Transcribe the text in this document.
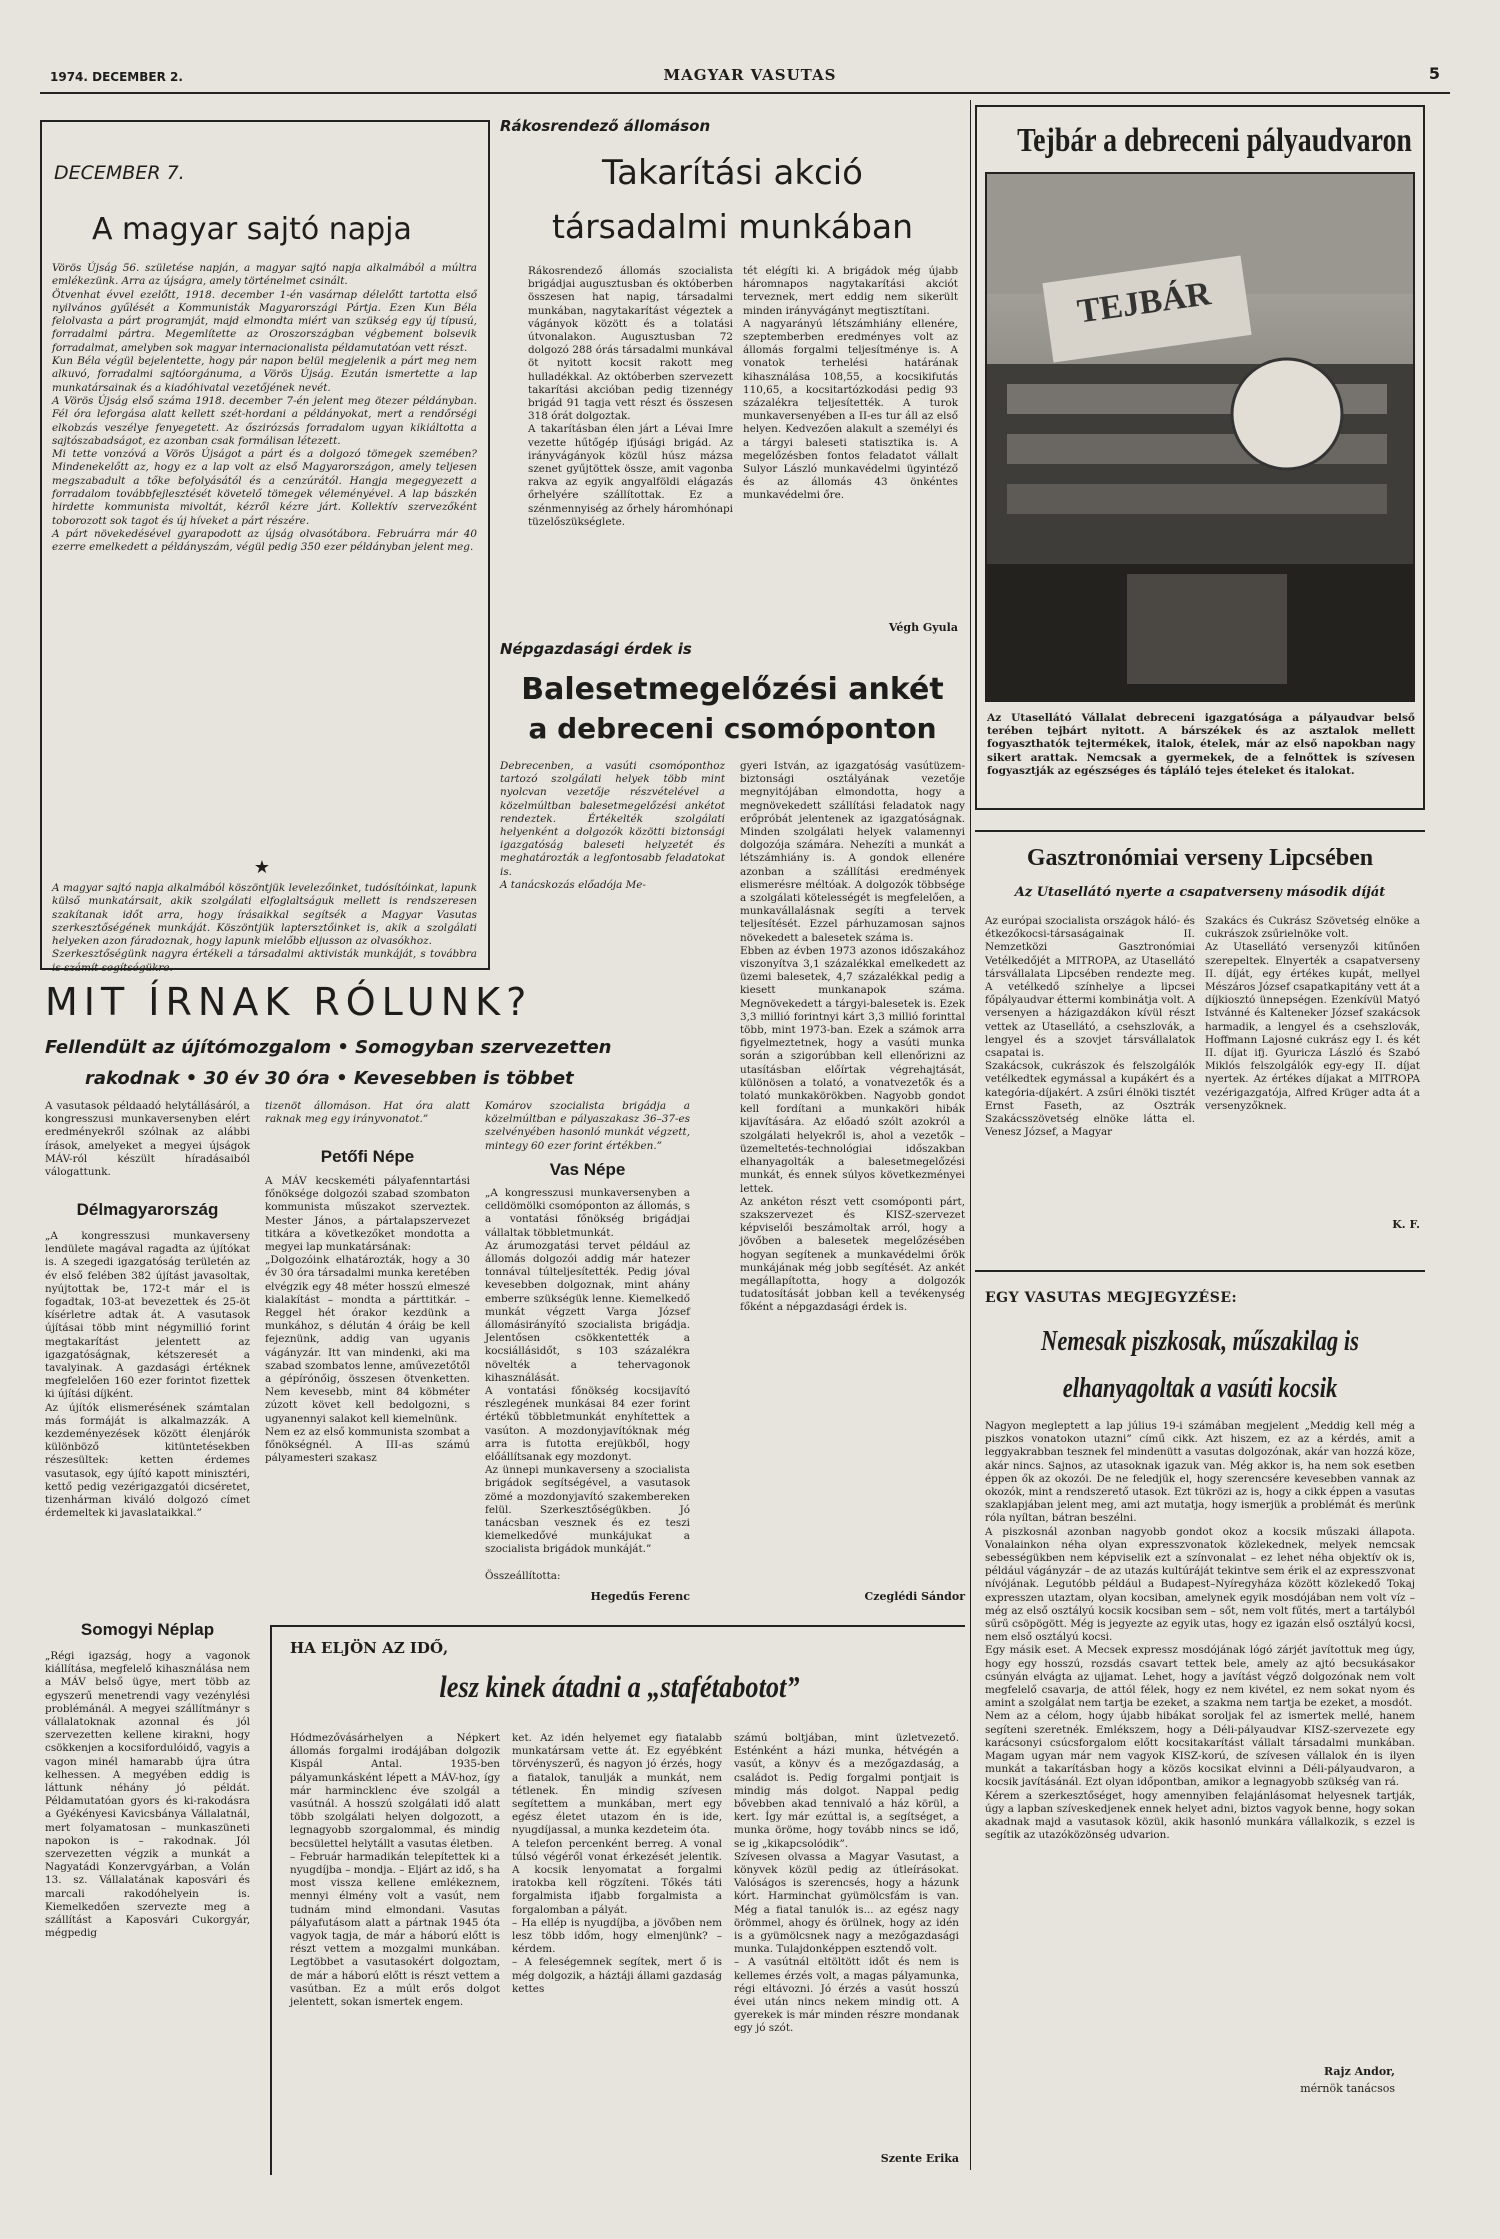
1974. DECEMBER 2.	MAGYAR VASUTAS	5
DECEMBER 7.
A magyar sajtó napja

Vörös Újság 56. születése napján, a magyar sajtó napja alkalmából a múltra emlékezünk. Arra az újságra, amely történelmet csinált.
Ötvenhat évvel ezelőtt, 1918. december 1-én vasárnap délelőtt tartotta első nyilvános gyűlését a Kommunisták Magyarországi Pártja. Ezen Kun Béla felolvasta a párt programját, majd elmondta miért van szükség egy új típusú, forradalmi pártra. Megemlítette az Oroszországban végbement bolsevik forradalmat, amelyben sok magyar internacionalista példamutatóan vett részt.
Kun Béla végül bejelentette, hogy pár napon belül megjelenik a párt meg nem alkuvó, forradalmi sajtóorgánuma, a Vörös Újság. Ezután ismertette a lap munkatársainak és a kiadóhivatal vezetőjének nevét.
A Vörös Újság első száma 1918. december 7-én jelent meg ötezer példányban. Fél óra leforgása alatt kellett szét-hordani a példányokat, mert a rendőrségi elkobzás veszélye fenyegetett. Az őszirózsás forradalom ugyan kikiáltotta a sajtószabadságot, ez azonban csak formálisan létezett.
Mi tette vonzóvá a Vörös Újságot a párt és a dolgozó tömegek szemében? Mindenekelőtt az, hogy ez a lap volt az első Magyarországon, amely teljesen megszabadult a tőke befolyásától és a cenzúrától. Hangja megegyezett a forradalom továbbfejlesztését követelő tömegek véleményével. A lap bászkén hirdette kommunista mivoltát, kézről kézre járt. Kollektív szervezőként toborozott sok tagot és új híveket a párt részére.
A párt növekedésével gyarapodott az újság olvasótábora. Februárra már 40 ezerre emelkedett a példányszám, végül pedig 350 ezer példányban jelent meg.

★

A magyar sajtó napja alkalmából köszöntjük levelezőinket, tudósítóinkat, lapunk külső munkatársait, akik szolgálati elfoglaltságuk mellett is rendszeresen szakítanak időt arra, hogy írásaikkal segítsék a Magyar Vasutas szerkesztőségének munkáját. Köszöntjük laptersztőinket is, akik a szolgálati helyeken azon fáradoznak, hogy lapunk mielőbb eljusson az olvasókhoz.
Szerkesztőségünk nagyra értékeli a társadalmi aktivisták munkáját, s továbbra is számít segítségükre.

Rákosrendező állomáson
Takarítási akció
társadalmi munkában

Rákosrendező állomás szocialista brigádjai augusztusban és októberben összesen hat napig, társadalmi munkában, nagytakarítást végeztek a vágányok között és a tolatási útvonalakon. Augusztusban 72 dolgozó 288 órás társadalmi munkával öt nyitott kocsit rakott meg hulladékkal. Az októberben szervezett takarítási akcióban pedig tizennégy brigád 91 tagja vett részt és összesen 318 órát dolgoztak.
A takarításban élen járt a Lévai Imre vezette hűtőgép ifjúsági brigád. Az irányvágányok közül húsz mázsa szenet gyűjtöttek össze, amit vagonba rakva az egyik angyalföldi elágazás őrhelyére szállítottak. Ez a szénmennyiség az őrhely háromhónapi tüzelőszükséglete.

tét elégíti ki. A brigádok még újabb háromnapos nagytakarítási akciót terveznek, mert eddig nem sikerült minden irányvágányt megtisztítani.
A nagyarányú létszámhiány ellenére, szeptemberben eredményes volt az állomás forgalmi teljesítménye is. A vonatok terhelési határának kihasználása 108,55, a kocsikifutás 110,65, a kocsitartózkodási pedig 93 százalékra teljesítették. A turok munkaversenyében a II-es tur áll az első helyen. Kedvezően alakult a személyi és a tárgyi baleseti statisztika is. A megelőzésben fontos feladatot vállalt Sulyor László munkavédelmi ügyintéző és az állomás 43 önkéntes munkavédelmi őre.

Végh Gyula
Népgazdasági érdek is
Balesetmegelőzési ankét
a debreceni csomóponton

Debrecenben, a vasúti csomóponthoz tartozó szolgálati helyek több mint nyolcvan vezetője részvételével a közelmúltban balesetmegelőzési ankétot rendeztek. Értékelték szolgálati helyenként a dolgozók közötti biztonsági igazgatóság baleseti helyzetét és meghatározták a legfontosabb feladatokat is.
A tanácskozás előadója Me-

gyeri István, az igazgatóság vasútüzem-biztonsági osztályának vezetője megnyitójában elmondotta, hogy a megnövekedett szállítási feladatok nagy erőpróbát jelentenek az igazgatóságnak. Minden szolgálati helyek valamennyi dolgozója számára. Nehezíti a munkát a létszámhiány is. A gondok ellenére azonban a szállítási eredmények elismerésre méltóak. A dolgozók többsége a szolgálati kötelességét is megfelelően, a munkavállalásnak segíti a tervek teljesítését. Ezzel párhuzamosan sajnos növekedett a balesetek száma is.
Ebben az évben 1973 azonos időszakához viszonyítva 3,1 százalékkal emelkedett az üzemi balesetek, 4,7 százalékkal pedig a kiesett munkanapok száma. Megnövekedett a tárgyi-balesetek is. Ezek 3,3 millió forintnyi kárt 3,3 millió forinttal több, mint 1973-ban. Ezek a számok arra figyelmeztetnek, hogy a vasúti munka során a szigorúbban kell ellenőrizni az utasításban előírtak végrehajtását, különösen a tolató, a vonatvezetők és a tolató munkakörökben. Nagyobb gondot kell fordítani a munkaköri hibák kijavítására. Az előadó szólt azokról a szolgálati helyekről is, ahol a vezetők – üzemeltetés-technológiai időszakban elhanyagolták a balesetmegelőzési munkát, és ennek súlyos következményei lettek.
Az ankéton részt vett csomóponti párt, szakszervezet és KISZ-szervezet képviselői beszámoltak arról, hogy a jövőben a balesetek megelőzésében hogyan segítenek a munkavédelmi őrök munkájának még jobb segítését. Az ankét megállapította, hogy a dolgozók tudatosítását jobban kell a tevékenység főként a népgazdasági érdek is.

Czeglédi Sándor
Tejbár a debreceni pályaudvaron
TEJBÁR

Az Utasellátó Vállalat debreceni igazgatósága a pályaudvar belső terében tejbárt nyitott. A bárszékek és az asztalok mellett fogyaszthatók tejtermékek, italok, ételek, már az első napokban nagy sikert arattak. Nemcsak a gyermekek, de a felnőttek is szívesen fogyasztják az egészséges és tápláló tejes ételeket és italokat.

Gasztronómiai verseny Lipcsében
Az Utasellátó nyerte a csapatverseny második díját

Az európai szocialista országok háló- és étkezőkocsi-társaságainak II. Nemzetközi Gasztronómiai Vetélkedőjét a MITROPA, az Utasellátó társvállalata Lipcsében rendezte meg. A vetélkedő színhelye a lipcsei főpályaudvar éttermi kombinátja volt. A versenyen a házigazdákon kívül részt vettek az Utasellátó, a csehszlovák, a lengyel és a szovjet társvállalatok csapatai is.
Szakácsok, cukrászok és felszolgálók vetélkedtek egymással a kupákért és a kategória-díjakért. A zsűri élnöki tisztét Ernst Faseth, az Osztrák Szakácsszövetség elnöke látta el. Venesz József, a Magyar

Szakács és Cukrász Szövetség elnöke a cukrászok zsűrielnöke volt.
Az Utasellátó versenyzői kitűnően szerepeltek. Elnyerték a csapatverseny II. díját, egy értékes kupát, mellyel Mészáros József csapatkapitány vett át a díjkiosztó ünnepségen. Ezenkívül Matyó Istvánné és Kalteneker József szakácsok harmadik, a lengyel és a csehszlovák, Hoffmann Lajosné cukrász egy I. és két II. díjat ifj. Gyuricza László és Szabó Miklós felszolgálók egy-egy II. díjat nyertek. Az értékes díjakat a MITROPA vezérigazgatója, Alfred Krüger adta át a versenyzőknek.

K. F.
EGY VASUTAS MEGJEGYZÉSE:
Nemesak piszkosak, műszakilag is
elhanyagoltak a vasúti kocsik

Nagyon megleptett a lap július 19-i számában megjelent „Meddig kell még a piszkos vonatokon utazni” című cikk. Azt hiszem, ez az a kérdés, amit a leggyakrabban tesznek fel mindenütt a vasutas dolgozónak, akár van hozzá köze, akár nincs. Sajnos, az utasoknak igazuk van. Még akkor is, ha nem sok esetben éppen ők az okozói. De ne feledjük el, hogy szerencsére kevesebben vannak az okozók, mint a rendszerető utasok. Ezt tükrözi az is, hogy a cikk éppen a vasutas szaklapjában jelent meg, ami azt mutatja, hogy ismerjük a problémát és merünk róla nyíltan, bátran beszélni.
A piszkosnál azonban nagyobb gondot okoz a kocsik műszaki állapota. Vonalainkon néha olyan expresszvonatok közlekednek, melyek nemcsak sebességükben nem képviselik ezt a színvonalat – ez lehet néha objektív ok is, például vágányzár – de az utazás kultúráját tekintve sem érik el az expresszvonat nívójának. Legutóbb például a Budapest–Nyíregyháza között közlekedő Tokaj expresszen utaztam, olyan kocsiban, amelynek egyik mosdójában nem volt víz – még az első osztályú kocsik kocsiban sem – sőt, nem volt fűtés, mert a tartályból sűrű csöpögött. Még is jegyezte az egyik utas, hogy ez igazán első osztályú kocsi, nem első osztályú kocsi.
Egy másik eset. A Mecsek expressz mosdójának lógó zárjét javítottuk meg úgy, hogy egy hosszú, rozsdás csavart tettek bele, amely az ajtó becsukásakor csúnyán elvágta az ujjamat. Lehet, hogy a javítást végző dolgozónak nem volt megfelelő csavarja, de attól félek, hogy ez nem kivétel, ez nem sokat nyom és amint a szolgálat nem tartja be ezeket, a szakma nem tartja be ezeket, a mosdót.
Nem az a célom, hogy újabb hibákat soroljak fel az ismertek mellé, hanem segíteni szeretnék. Emlékszem, hogy a Déli-pályaudvar KISZ-szervezete egy karácsonyi csúcsforgalom előtt kocsitakarítást vállalt társadalmi munkában. Magam ugyan már nem vagyok KISZ-korú, de szívesen vállalok én is ilyen munkát a takarításban hogy a közös kocsikat elvinni a Déli-pályaudvaron, a kocsik javításánál. Ezt olyan időpontban, amikor a legnagyobb szükség van rá.
Kérem a szerkesztőséget, hogy amennyiben felajánlásomat helyesnek tartják, úgy a lapban szíveskedjenek ennek helyet adni, biztos vagyok benne, hogy sokan akadnak majd a vasutasok közül, akik hasonló munkára vállalkozik, s ezzel is segítik az utazóközönség udvarion.

Rajz Andor,
mérnök tanácsos
MIT ÍRNAK RÓLUNK?
Fellendült az újítómozgalom • Somogyban szervezetten
rakodnak • 30 év 30 óra • Kevesebben is többet

A vasutasok példaadó helytállásáról, a kongresszusi munkaversenyben elért eredményekről szólnak az alábbi írások, amelyeket a megyei újságok MÁV-ról készült híradásaiból válogattunk.

Délmagyarország

„A kongresszusi munkaverseny lendülete magával ragadta az újítókat is. A szegedi igazgatóság területén az év első felében 382 újítást javasoltak, nyújtottak be, 172-t már el is fogadtak, 103-at bevezettek és 25-öt kísérletre adtak át. A vasutasok újításai több mint négymillió forint megtakarítást jelentett az igazgatóságnak, kétszeresét a tavalyinak. A gazdasági értéknek megfelelően 160 ezer forintot fizettek ki újítási díjként.
Az újítók elismerésének számtalan más formáját is alkalmazzák. A kezdeményezések között élenjárók különböző kitüntetésekben részesültek: ketten érdemes vasutasok, egy újító kapott minisztéri, kettő pedig vezérigazgatói dicséretet, tizenhárman kiváló dolgozó címet érdemeltek ki javaslataikkal.”

tizenöt állomáson. Hat óra alatt raknak meg egy irányvonatot.”

Petőfi Népe

A MÁV kecskeméti pályafenntartási főnöksége dolgozói szabad szombaton kommunista műszakot szerveztek. Mester János, a pártalapszervezet titkára a következőket mondotta a megyei lap munkatársának:
„Dolgozóink elhatározták, hogy a 30 év 30 óra társadalmi munka keretében elvégzik egy 48 méter hosszú elmeszé kialakítást – mondta a párttitkár. – Reggel hét órakor kezdünk a munkához, s délután 4 óráig be kell fejeznünk, addig van ugyanis vágányzár. Itt van mindenki, aki ma szabad szombatos lenne, aművezetőtől a gépírónőig, összesen ötvenketten. Nem kevesebb, mint 84 köbméter zúzott követ kell bedolgozni, s ugyanennyi salakot kell kiemelnünk.
Nem ez az első kommunista szombat a főnökségnél. A III-as számú pályamesteri szakasz

Komárov szocialista brigádja a közelmúltban e pályaszakasz 36–37-es szelvényében hasonló munkát végzett, mintegy 60 ezer forint értékben.”

Vas Népe

„A kongresszusi munkaversenyben a celldömölki csomóponton az állomás, s a vontatási főnökség brigádjai vállaltak többletmunkát.
Az árumozgatási tervet például az állomás dolgozói addig már hatezer tonnával túlteljesítették. Pedig jóval kevesebben dolgoznak, mint ahány emberre szükségük lenne. Kiemelkedő munkát végzett Varga József állomásirányító szocialista brigádja. Jelentősen csökkentették a kocsiállásidőt, s 103 százalékra növelték a tehervagonok kihasználását.
A vontatási főnökség kocsijavító részlegének munkásai 84 ezer forint értékű többletmunkát enyhítettek a vasúton. A mozdonyjavítóknak még arra is futotta erejükből, hogy előállítsanak egy mozdonyt.
Az ünnepi munkaverseny a szocialista brigádok segítségével, a vasutasok zömé a mozdonyjavító szakembereken felül. Szerkesztőségükben. Jó tanácsban vesznek és ez teszi kiemelkedővé munkájukat a szocialista brigádok munkáját.”

Összeállította:

Hegedűs Ferenc
Somogyi Néplap

„Régi igazság, hogy a vagonok kiállítása, megfelelő kihasználása nem a MÁV belső ügye, mert több az egyszerű menetrendi vagy vezénylési problémánál. A megyei szállítmányr s vállalatoknak azonnal és jól szervezetten kellene kirakni, hogy csökkenjen a kocsifordulóidő, vagyis a vagon minél hamarabb újra útra kelhessen. A megyében eddig is láttunk néhány jó példát. Példamutatóan gyors és ki-rakodásra a Gyékényesi Kavicsbánya Vállalatnál, mert folyamatosan – munkaszüneti napokon is – rakodnak. Jól szervezetten végzik a munkát a Nagyatádi Konzervgyárban, a Volán 13. sz. Vállalatának kaposvári és marcali rakodóhelyein is. Kiemelkedően szervezte meg a szállítást a Kaposvári Cukorgyár, mégpedig

HA ELJÖN AZ IDŐ,
lesz kinek átadni a „stafétabotot”

Hódmezővásárhelyen a Népkert állomás forgalmi irodájában dolgozik Kispál Antal. 1935-ben pályamunkásként lépett a MÁV-hoz, így már harmincklenc éve szolgál a vasútnál. A hosszú szolgálati idő alatt több szolgálati helyen dolgozott, a legnagyobb szorgalommal, és mindig becsülettel helytállt a vasutas életben.
– Február harmadikán telepítettek ki a nyugdíjba – mondja. – Eljárt az idő, s ha most vissza kellene emlékeznem, mennyi élmény volt a vasút, nem tudnám mind elmondani. Vasutas pályafutásom alatt a pártnak 1945 óta vagyok tagja, de már a háború előtt is részt vettem a mozgalmi munkában. Legtöbbet a vasutasokért dolgoztam, de már a háború előtt is részt vettem a vasútban. Ez a múlt erős dolgot jelentett, sokan ismertek engem.

ket. Az idén helyemet egy fiatalabb munkatársam vette át. Ez egyébként törvényszerű, és nagyon jó érzés, hogy a fiatalok, tanulják a munkát, nem tétlenek. Én mindig szívesen segítettem a munkában, mert egy egész életet utazom én is ide, nyugdíjassal, a munka kezdeteim óta.
A telefon percenként berreg. A vonal túlsó végéről vonat érkezését jelentik. A kocsik lenyomatat a forgalmi iratokba kell rögzíteni. Tőkés táti forgalmista ifjabb forgalmista a forgalomban a pályát.
– Ha ellép is nyugdíjba, a jövőben nem lesz több időm, hogy elmenjünk? – kérdem.
– A feleségemnek segítek, mert ő is még dolgozik, a háztáji állami gazdaság kettes

számú boltjában, mint üzletvezető. Esténként a házi munka, hétvégén a vasút, a könyv és a mezőgazdaság, a családot is. Pedig forgalmi pontjait is mindig más dolgot. Nappal pedig bővebben akad tennivaló a ház körül, a kert. Így már ezúttal is, a segítséget, a munka öröme, hogy tovább nincs se idő, se ig „kikapcsolódik”.
Szívesen olvassa a Magyar Vasutast, a könyvek közül pedig az útleírásokat. Valóságos is szerencsés, hogy a házunk kórt. Harminchat gyümölcsfám is van. Még a fiatal tanulók is... az egész nagy örömmel, ahogy és örülnek, hogy az idén is a gyümölcsnek nagy a mezőgazdasági munka. Tulajdonképpen esztendő volt.
– A vasútnál eltöltött időt és nem is kellemes érzés volt, a magas pályamunka, régi eltávozni. Jó érzés a vasút hosszú évei után nincs nekem mindig ott. A gyerekek is már minden részre mondanak egy jó szót.

Szente Erika
